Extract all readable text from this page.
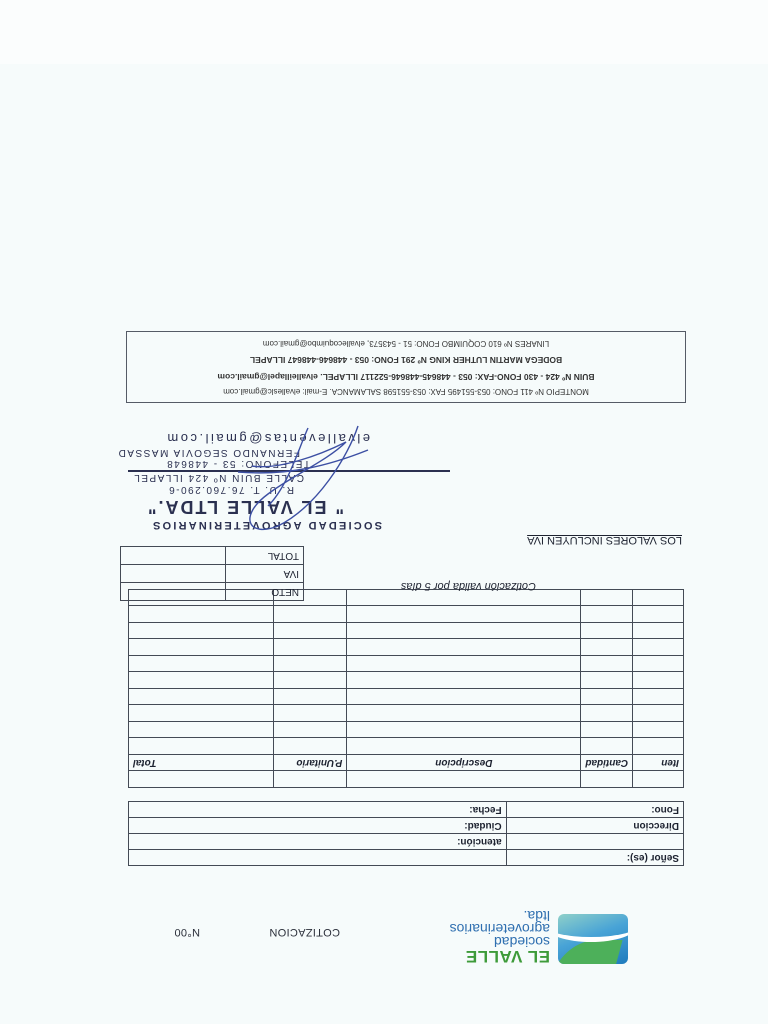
EL VALLE
sociedad
agroveterinarios
ltda.
COTIZACION
N°00
Señor (es):	
	atención:
Direccion	Ciudad:
Fono:	Fecha:

Iten	Cantidad	Descripcion	P.Unitario	Total

NETO	
IVA	
TOTAL	
Cotización valida por 5 días
LOS VALORES INCLUYEN IVA
SOCIEDAD AGROVETERINARIOS
" EL VALLE LTDA."
R. U. T. 76.760.290-6
CALLE BUIN Nº 424 ILLAPEL
TELEFONO: 53 - 448648
FERNANDO SEGOVIA MASSAD
elvalleventas@gmail.com
MONTEPIO Nº 411 FONO: 053-551495 FAX: 053-551598 SALAMANCA. E-mail: elvalleslc@gmail.com
BUIN Nº 424 - 430 FONO-FAX: 053 - 448645-448646-522117 ILLAPEL. elvalleillapel@gmail.com
BODEGA MARTIN LUTHER KING Nº 291 FONO: 053 - 448646-448647 ILLAPEL
LINARES Nº 610 COQUIMBO FONO: 51 - 543573, elvallecoquimbo@gmail.com
